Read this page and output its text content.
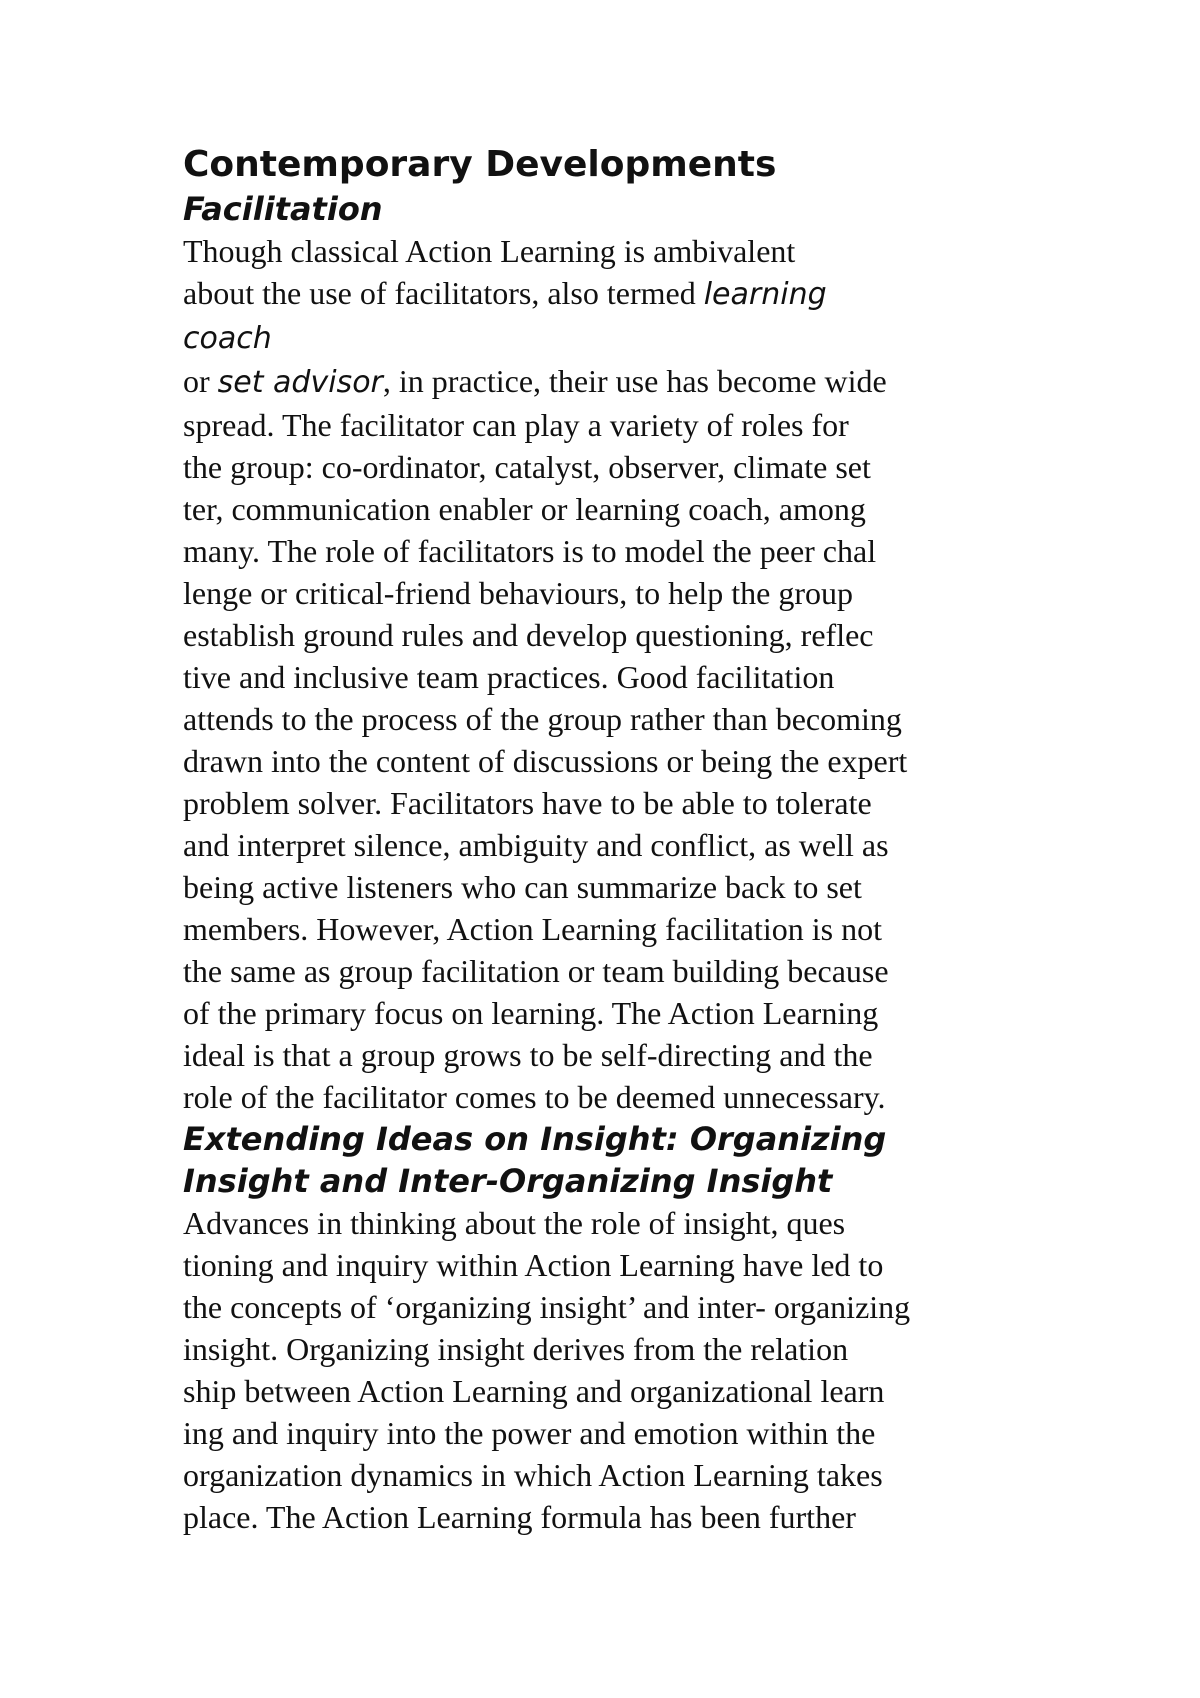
Contemporary Developments
Facilitation
Though classical Action Learning is ambivalent
about the use of facilitators, also termed learning
coach
or set advisor, in practice, their use has become wide
spread. The facilitator can play a variety of roles for
the group: co-ordinator, catalyst, observer, climate set
ter, communication enabler or learning coach, among
many. The role of facilitators is to model the peer chal
lenge or critical-friend behaviours, to help the group
establish ground rules and develop questioning, reflec
tive and inclusive team practices. Good facilitation
attends to the process of the group rather than becoming
drawn into the content of discussions or being the expert
problem solver. Facilitators have to be able to tolerate
and interpret silence, ambiguity and conflict, as well as
being active listeners who can summarize back to set
members. However, Action Learning facilitation is not
the same as group facilitation or team building because
of the primary focus on learning. The Action Learning
ideal is that a group grows to be self-directing and the
role of the facilitator comes to be deemed unnecessary.
Extending Ideas on Insight: Organizing
Insight and Inter-Organizing Insight
Advances in thinking about the role of insight, ques
tioning and inquiry within Action Learning have led to
the concepts of ‘organizing insight’ and inter- organizing
insight. Organizing insight derives from the relation
ship between Action Learning and organizational learn
ing and inquiry into the power and emotion within the
organization dynamics in which Action Learning takes
place. The Action Learning formula has been further
